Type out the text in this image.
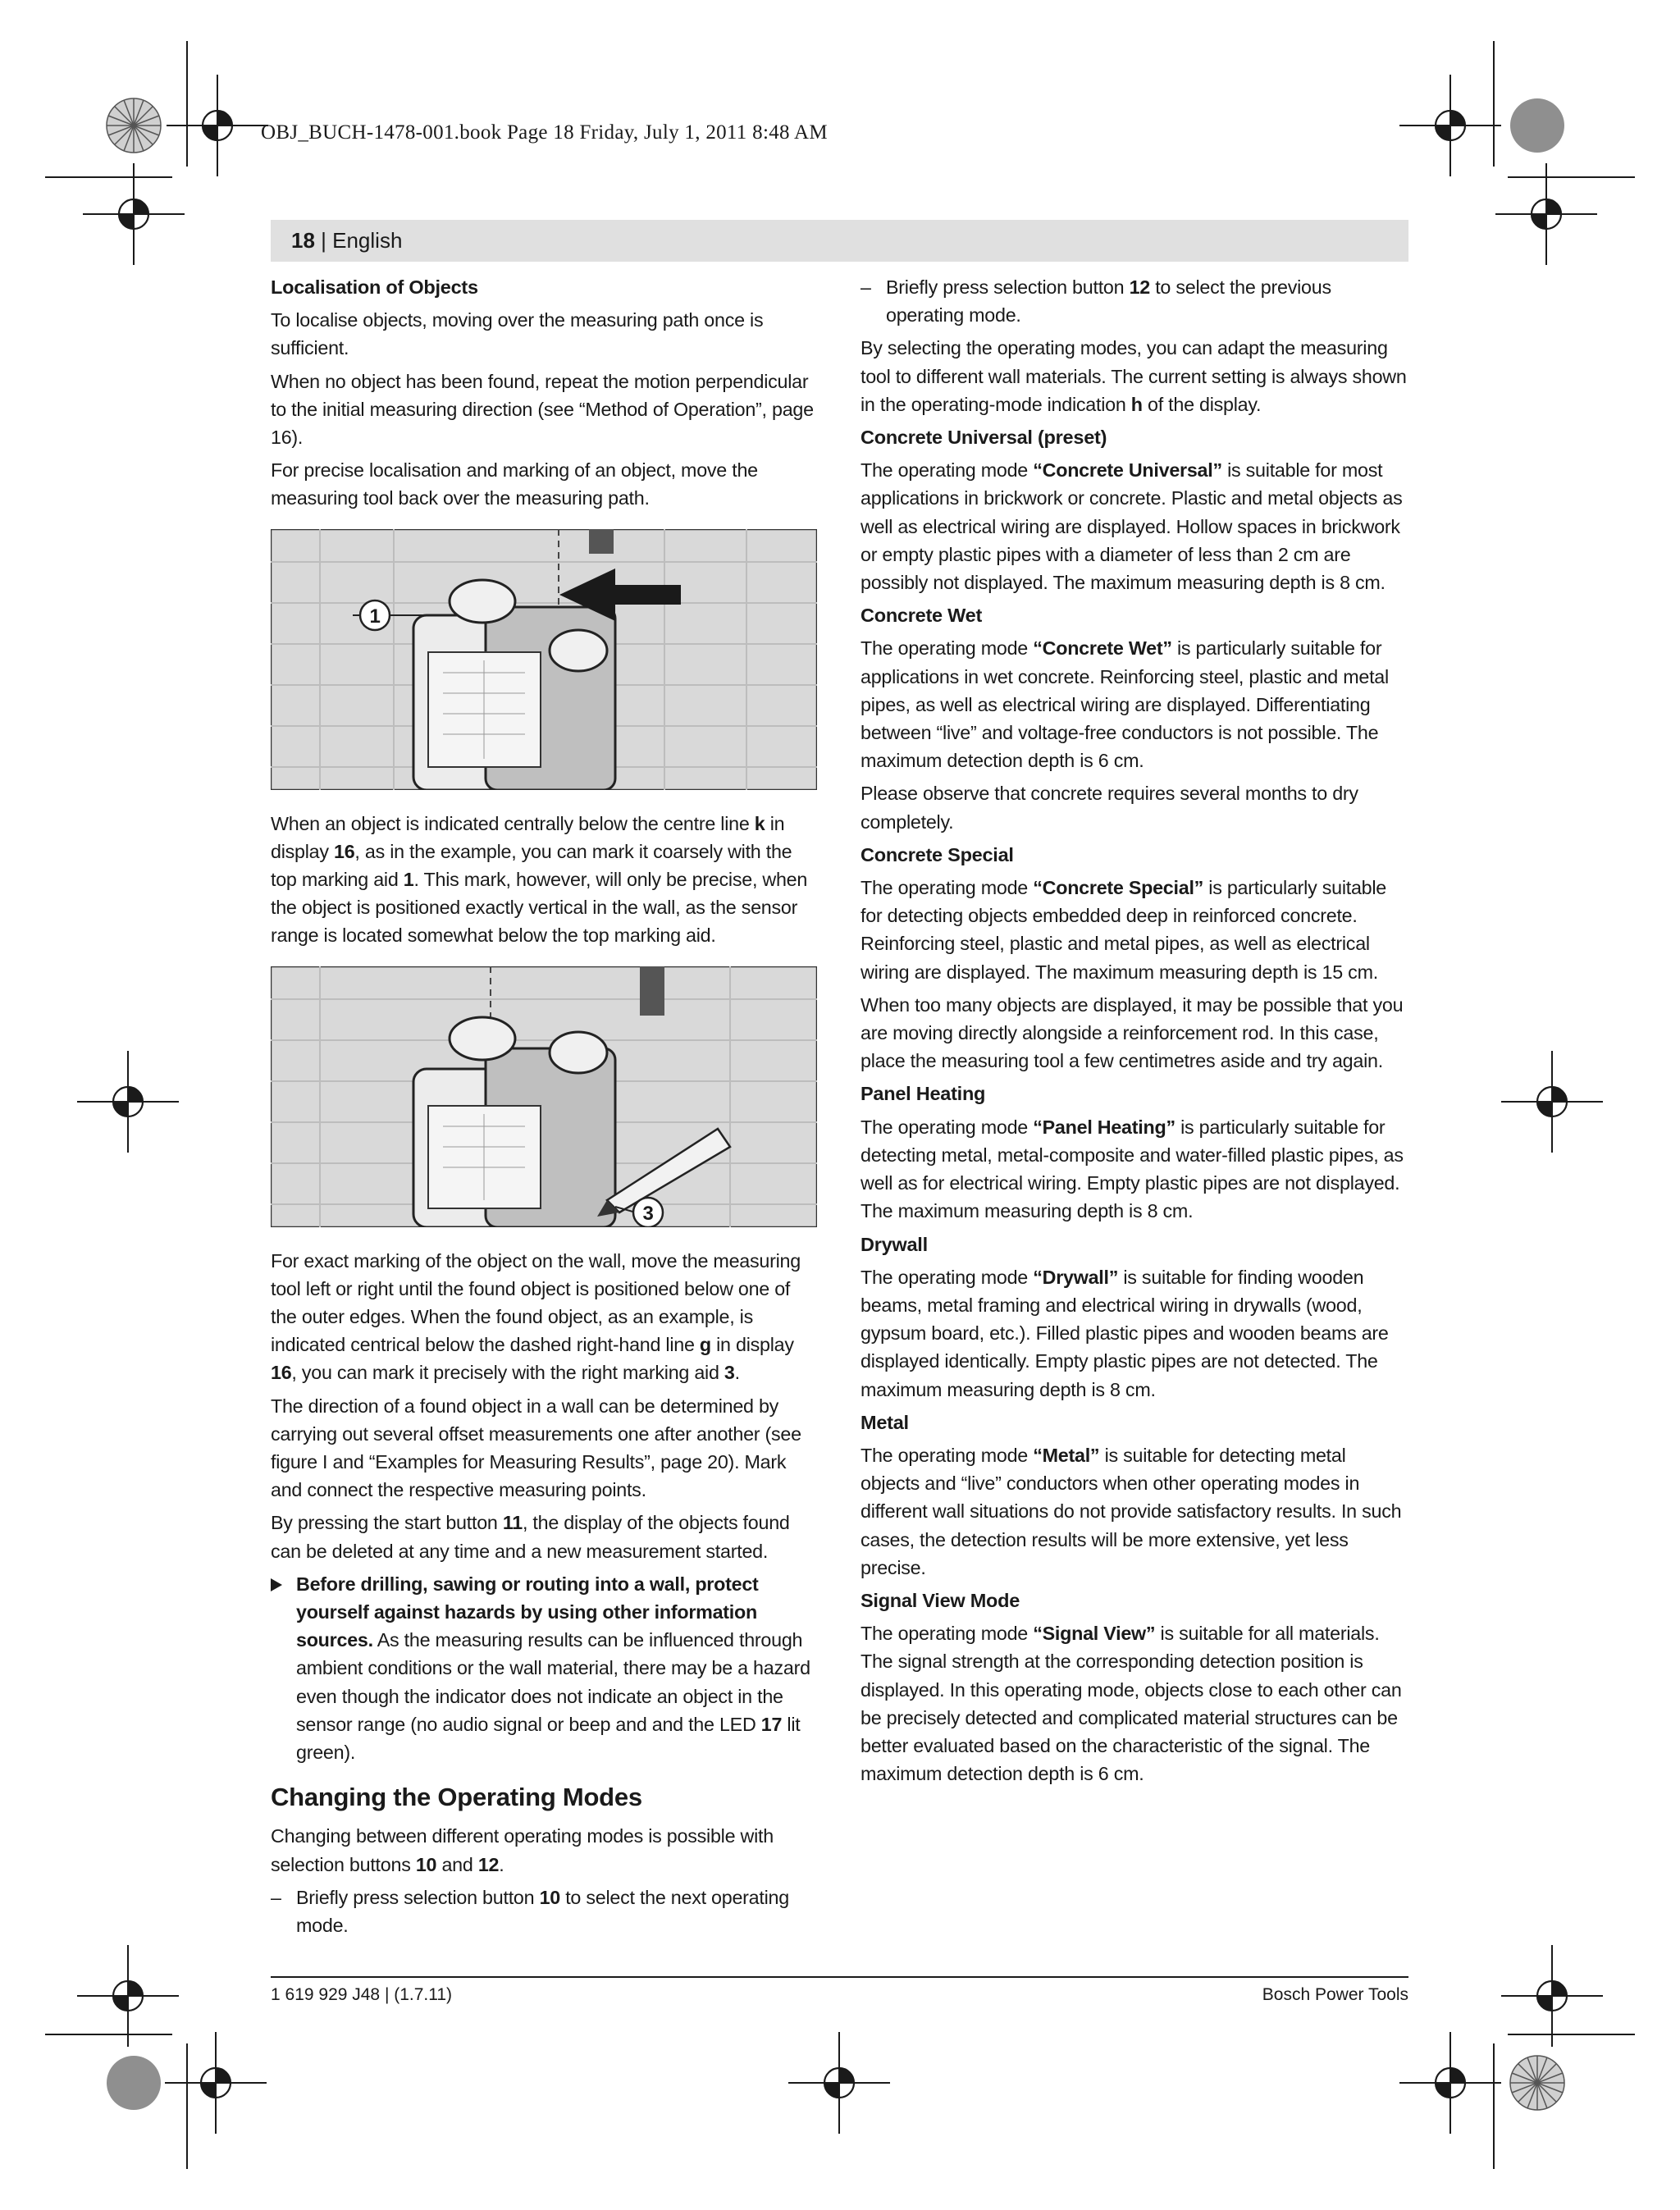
OBJ_BUCH-1478-001.book Page 18 Friday, July 1, 2011 8:48 AM
18 | English
Localisation of Objects

To localise objects, moving over the measuring path once is sufficient.

When no object has been found, repeat the motion perpendicular to the initial measuring direction (see “Method of Operation”, page 16).

For precise localisation and marking of an object, move the measuring tool back over the measuring path.

1

When an object is indicated centrally below the centre line k in display 16, as in the example, you can mark it coarsely with the top marking aid 1. This mark, however, will only be precise, when the object is positioned exactly vertical in the wall, as the sensor range is located somewhat below the top marking aid.

3

For exact marking of the object on the wall, move the measuring tool left or right until the found object is positioned below one of the outer edges. When the found object, as an example, is indicated centrical below the dashed right-hand line g in display 16, you can mark it precisely with the right marking aid 3.

The direction of a found object in a wall can be determined by carrying out several offset measurements one after another (see figure I and “Examples for Measuring Results”, page 20). Mark and connect the respective measuring points.

By pressing the start button 11, the display of the objects found can be deleted at any time and a new measurement started.

Before drilling, sawing or routing into a wall, protect yourself against hazards by using other information sources. As the measuring results can be influenced through ambient conditions or the wall material, there may be a hazard even though the indicator does not indicate an object in the sensor range (no audio signal or beep and and the LED 17 lit green).
Changing the Operating Modes

Changing between different operating modes is possible with selection buttons 10 and 12.

– Briefly press selection button 10 to select the next operating mode.
– Briefly press selection button 12 to select the previous operating mode.

By selecting the operating modes, you can adapt the measuring tool to different wall materials. The current setting is always shown in the operating-mode indication h of the display.

Concrete Universal (preset)

The operating mode “Concrete Universal” is suitable for most applications in brickwork or concrete. Plastic and metal objects as well as electrical wiring are displayed. Hollow spaces in brickwork or empty plastic pipes with a diameter of less than 2 cm are possibly not displayed. The maximum measuring depth is 8 cm.

Concrete Wet

The operating mode “Concrete Wet” is particularly suitable for applications in wet concrete. Reinforcing steel, plastic and metal pipes, as well as electrical wiring are displayed. Differentiating between “live” and voltage-free conductors is not possible. The maximum detection depth is 6 cm.

Please observe that concrete requires several months to dry completely.

Concrete Special

The operating mode “Concrete Special” is particularly suitable for detecting objects embedded deep in reinforced concrete. Reinforcing steel, plastic and metal pipes, as well as electrical wiring are displayed. The maximum measuring depth is 15 cm.

When too many objects are displayed, it may be possible that you are moving directly alongside a reinforcement rod. In this case, place the measuring tool a few centimetres aside and try again.

Panel Heating

The operating mode “Panel Heating” is particularly suitable for detecting metal, metal-composite and water-filled plastic pipes, as well as for electrical wiring. Empty plastic pipes are not displayed. The maximum measuring depth is 8 cm.

Drywall

The operating mode “Drywall” is suitable for finding wooden beams, metal framing and electrical wiring in drywalls (wood, gypsum board, etc.). Filled plastic pipes and wooden beams are displayed identically. Empty plastic pipes are not detected. The maximum measuring depth is 8 cm.

Metal

The operating mode “Metal” is suitable for detecting metal objects and “live” conductors when other operating modes in different wall situations do not provide satisfactory results. In such cases, the detection results will be more extensive, yet less precise.

Signal View Mode

The operating mode “Signal View” is suitable for all materials. The signal strength at the corresponding detection position is displayed. In this operating mode, objects close to each other can be precisely detected and complicated material structures can be better evaluated based on the characteristic of the signal. The maximum detection depth is 6 cm.

1 619 929 J48 | (1.7.11)	Bosch Power Tools
